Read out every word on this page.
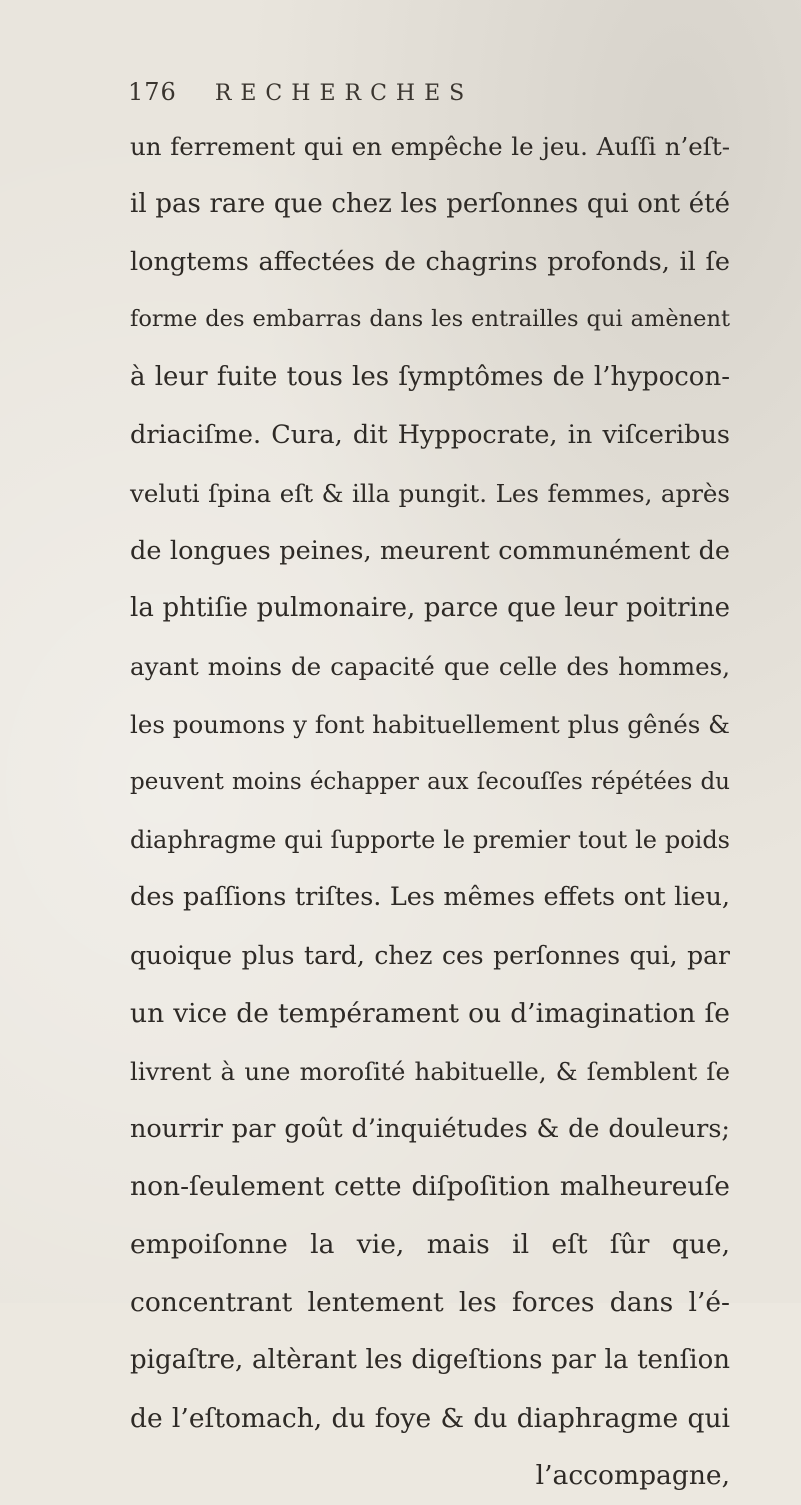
176 RECHERCHES
un ferrement qui en empêche le jeu. Auſſi n’eſt-
il pas rare que chez les perſonnes qui ont été
longtems affectées de chagrins profonds, il ſe
forme des embarras dans les entrailles qui amènent
à leur fuite tous les ſymptômes de l’hypocon-
driaciſme. Cura, dit Hyppocrate, in viſceribus
veluti ſpina eſt & illa pungit. Les femmes, après
de longues peines, meurent communément de
la phtiſie pulmonaire, parce que leur poitrine
ayant moins de capacité que celle des hommes,
les poumons y font habituellement plus gênés &
peuvent moins échapper aux ſecouſſes répétées du
diaphragme qui ſupporte le premier tout le poids
des paſſions triſtes. Les mêmes effets ont lieu,
quoique plus tard, chez ces perſonnes qui, par
un vice de tempérament ou d’imagination ſe
livrent à une moroſité habituelle, & ſemblent ſe
nourrir par goût d’inquiétudes & de douleurs;
non-ſeulement cette diſpoſition malheureuſe
empoiſonne la vie, mais il eſt ſûr que,
concentrant lentement les forces dans l’é-
pigaſtre, altèrant les digeſtions par la tenſion
de l’eſtomach, du foye & du diaphragme qui
l’accompagne,
